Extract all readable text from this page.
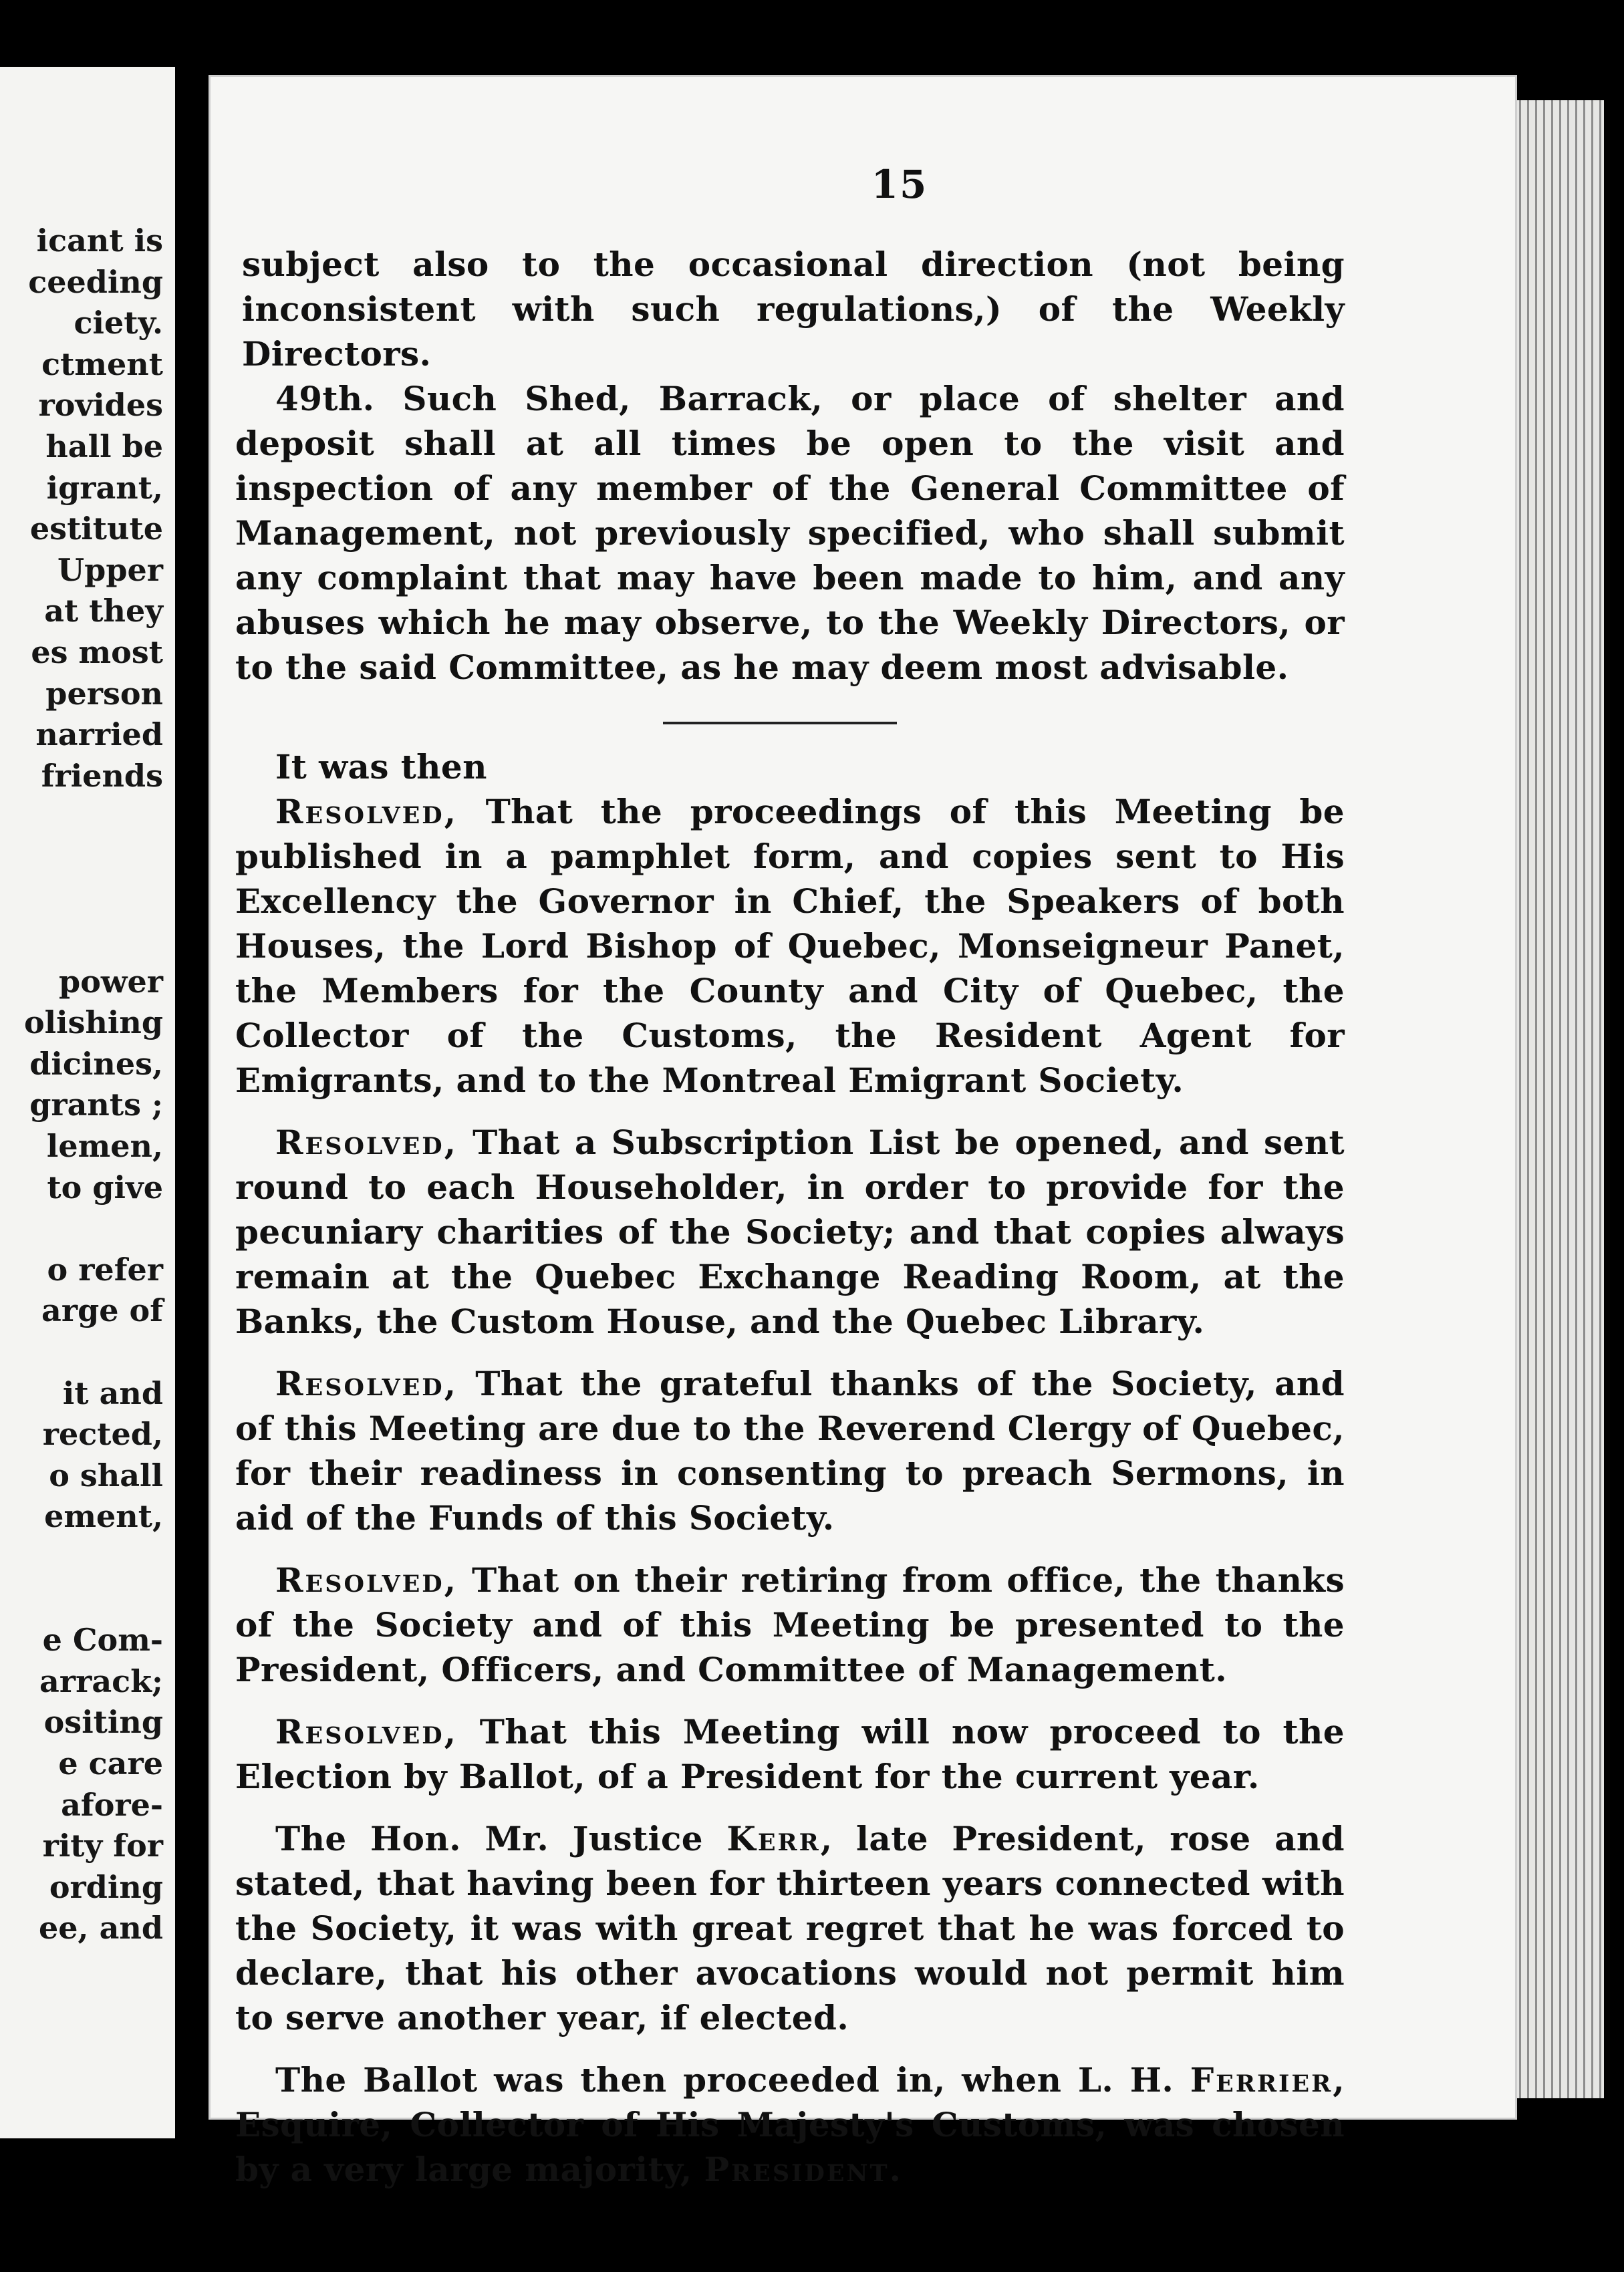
icant is
ceeding
ciety.
ctment
rovides
hall be
igrant,
estitute
Upper
at they
es most
person
narried
friends
power
olishing
dicines,
grants ;
lemen,
to give
o refer
arge of
it and
rected,
o shall
ement,
e Com-
arrack;
ositing
e care
afore-
rity for
ording
ee, and
15

subject also to the occasional direction (not being inconsistent with such regulations,) of the Weekly Directors.

49th. Such Shed, Barrack, or place of shelter and deposit shall at all times be open to the visit and inspection of any member of the General Committee of Management, not previously specified, who shall submit any complaint that may have been made to him, and any abuses which he may observe, to the Weekly Directors, or to the said Committee, as he may deem most advisable.

It was then

Resolved, That the proceedings of this Meeting be published in a pamphlet form, and copies sent to His Excellency the Governor in Chief, the Speakers of both Houses, the Lord Bishop of Quebec, Monseigneur Panet, the Members for the County and City of Quebec, the Collector of the Customs, the Resident Agent for Emigrants, and to the Montreal Emigrant Society.

Resolved, That a Subscription List be opened, and sent round to each Householder, in order to provide for the pecuniary charities of the Society; and that copies always remain at the Quebec Exchange Reading Room, at the Banks, the Custom House, and the Quebec Library.

Resolved, That the grateful thanks of the Society, and of this Meeting are due to the Reverend Clergy of Quebec, for their readiness in consenting to preach Sermons, in aid of the Funds of this Society.

Resolved, That on their retiring from office, the thanks of the Society and of this Meeting be presented to the President, Officers, and Committee of Management.

Resolved, That this Meeting will now proceed to the Election by Ballot, of a President for the current year.

The Hon. Mr. Justice Kerr, late President, rose and stated, that having been for thirteen years connected with the Society, it was with great regret that he was forced to declare, that his other avocations would not permit him to serve another year, if elected.

The Ballot was then proceeded in, when L. H. Ferrier, Esquire, Collector of His Majesty's Customs, was chosen by a very large majority, President.
